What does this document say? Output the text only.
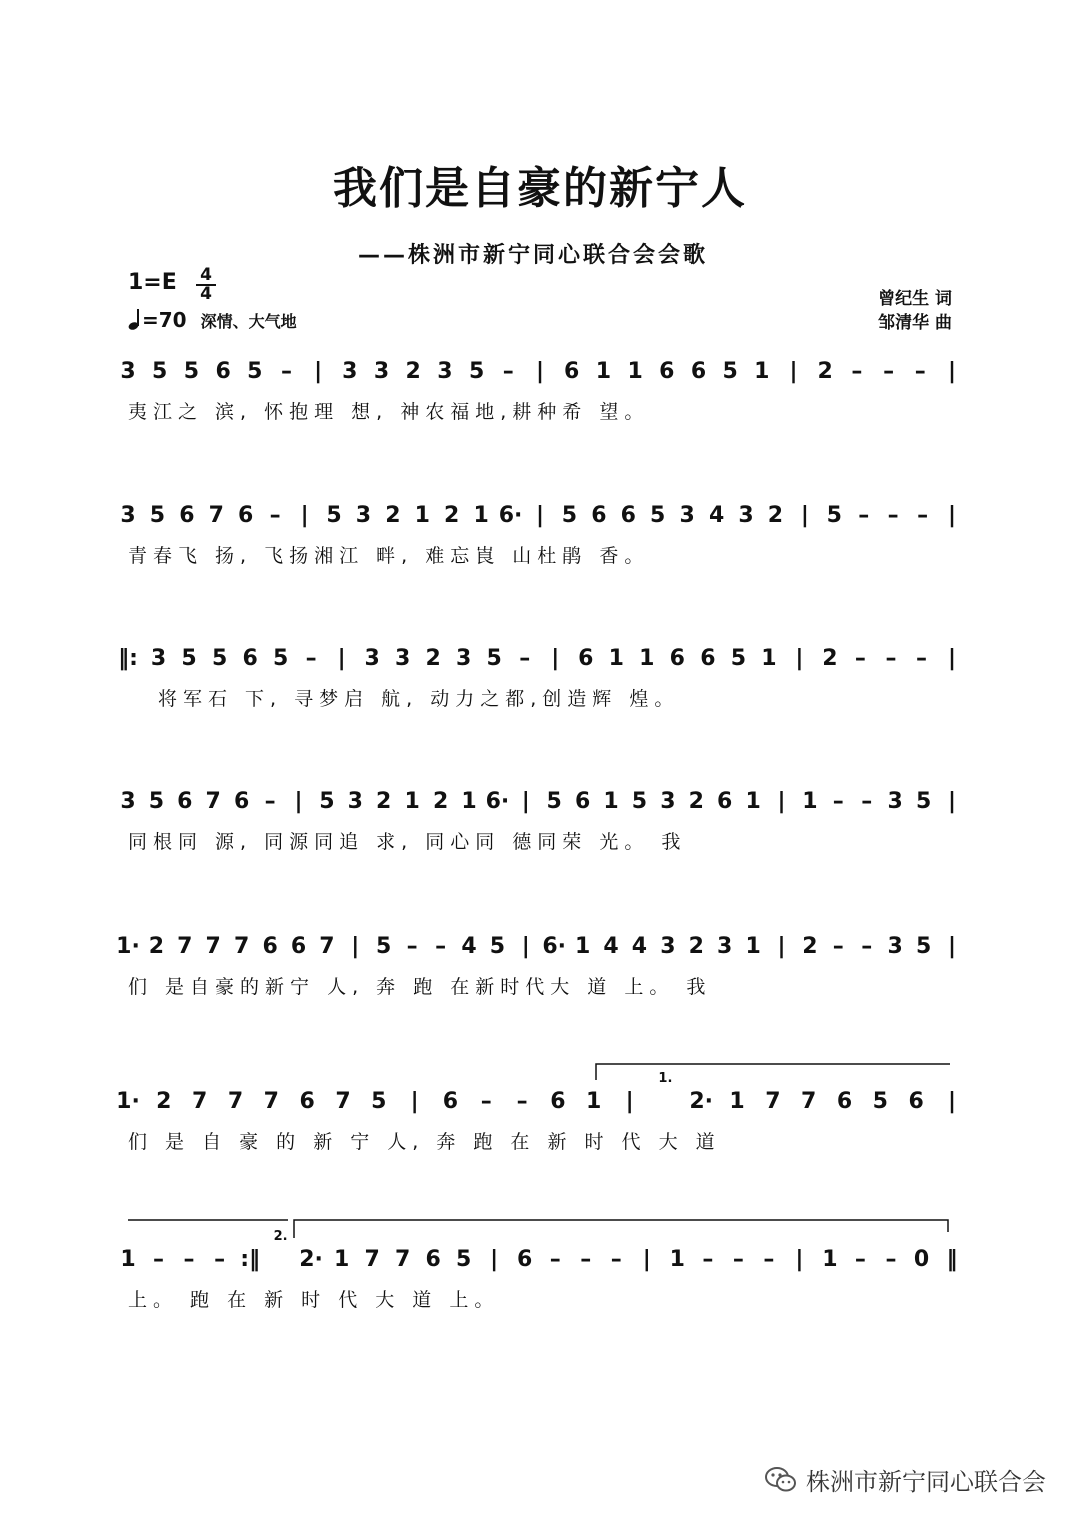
我们是自豪的新宁人
——株洲市新宁同心联合会会歌
1=E 4
4
=70 深情、大气地
曾纪生 词
邹清华 曲
3 5 5 6 5 – | 3 3 2 3 5 – | 6 1 1 6 6 5 1 | 2 – – – |
夷江之 滨, 怀抱理 想, 神农福地,耕种希 望。
3 5 6 7 6 – | 5 3 2 1 2 1 6· | 5 6 6 5 3 4 3 2 | 5 – – – |
青春飞 扬, 飞扬湘江 畔, 难忘崀 山杜鹃 香。
‖: 3 5 5 6 5 – | 3 3 2 3 5 – | 6 1 1 6 6 5 1 | 2 – – – |
将军石 下, 寻梦启 航, 动力之都,创造辉 煌。
3 5 6 7 6 – | 5 3 2 1 2 1 6· | 5 6 1 5 3 2 6 1 | 1 – – 3 5 |
同根同 源, 同源同追 求, 同心同 德同荣 光。 我
1· 2 7 7 7 6 6 7 | 5 – – 4 5 | 6· 1 4 4 3 2 3 1 | 2 – – 3 5 |
们 是自豪的新宁 人, 奔 跑 在新时代大 道 上。 我
1· 2 7 7 7 6 7 5 | 6 – – 6 1 |
1.
2· 1 7 7 6 5 6 |
们 是 自 豪 的 新 宁 人, 奔 跑 在 新 时 代 大 道
1 – – – :‖
2.
2· 1 7 7 6 5 | 6 – – – | 1 – – – | 1 – – 0 ‖
上。 跑 在 新 时 代 大 道 上。
株洲市新宁同心联合会
